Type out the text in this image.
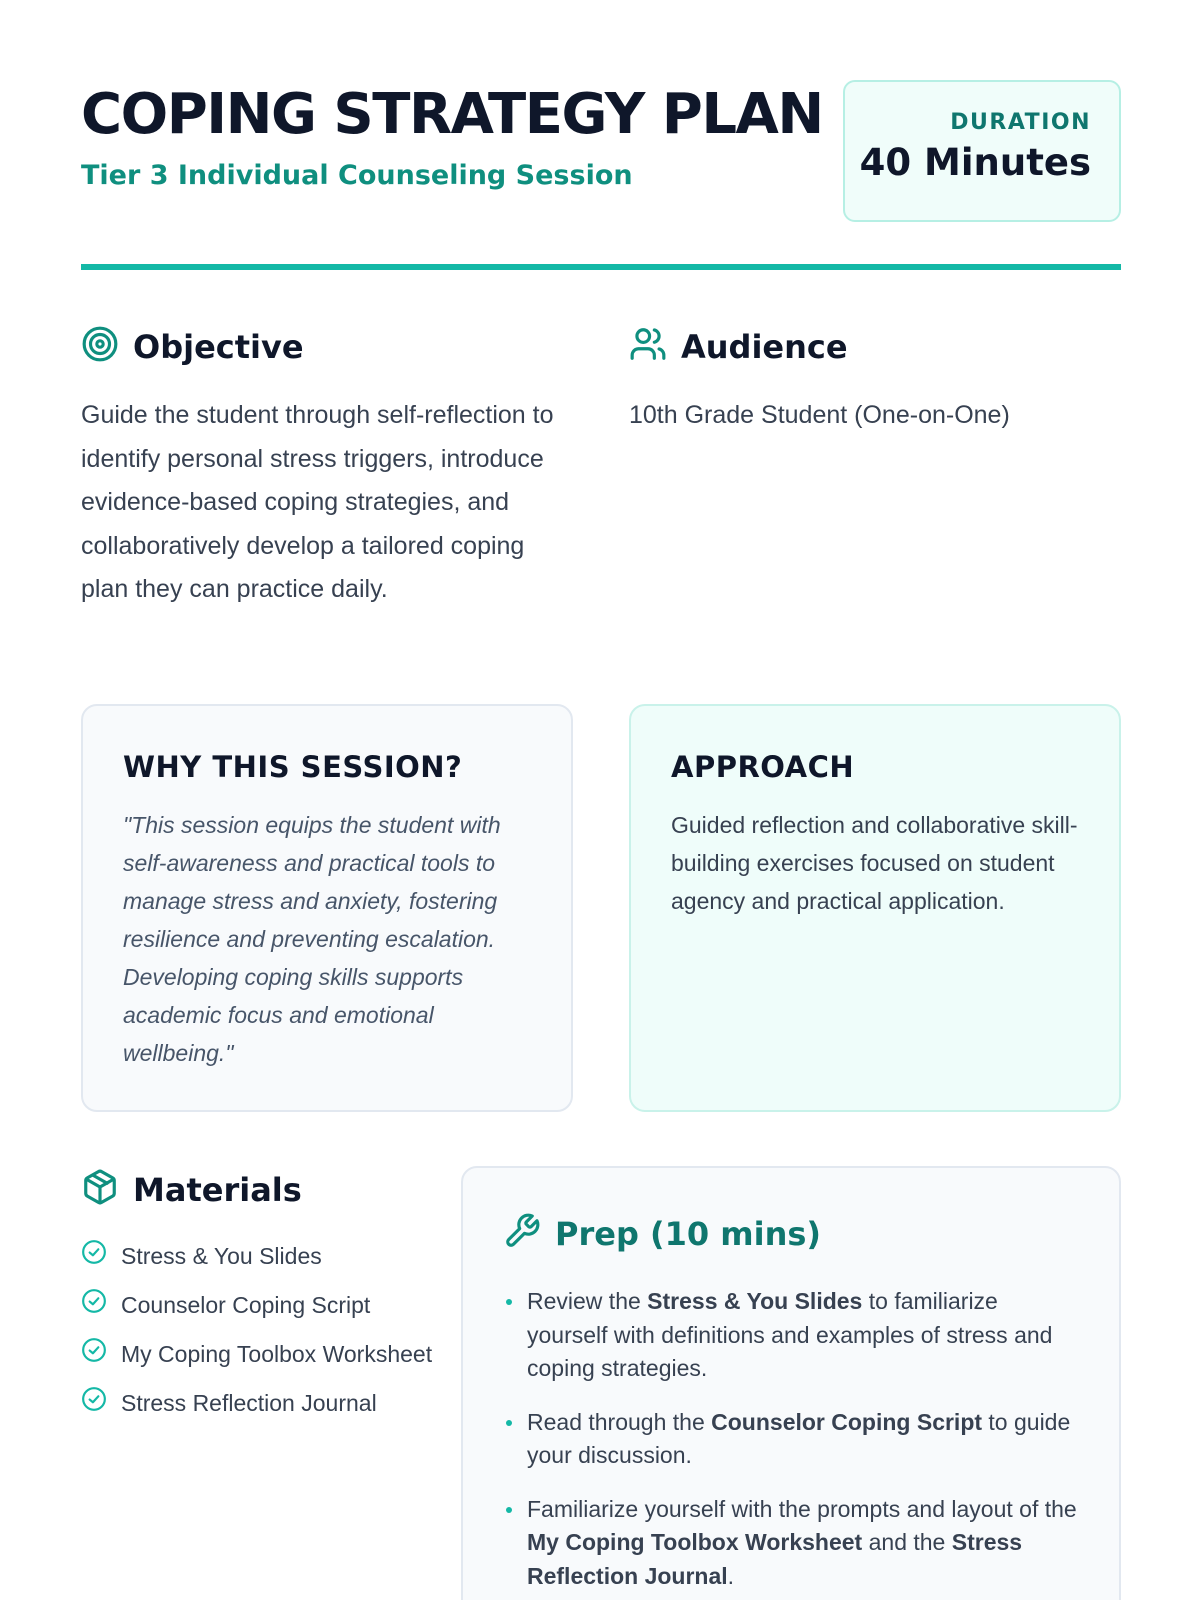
COPING STRATEGY PLAN
Tier 3 Individual Counseling Session
DURATION
40 Minutes
Objective

Guide the student through self-reflection to identify personal stress triggers, introduce evidence-based coping strategies, and collaboratively develop a tailored coping plan they can practice daily.

Audience

10th Grade Student (One-on-One)

WHY THIS SESSION?

"This session equips the student with self-awareness and practical tools to manage stress and anxiety, fostering resilience and preventing escalation. Developing coping skills supports academic focus and emotional wellbeing."

APPROACH

Guided reflection and collaborative skill-building exercises focused on student agency and practical application.

Materials
Stress & You Slides
Counselor Coping Script
My Coping Toolbox Worksheet
Stress Reflection Journal
Prep (10 mins)
Review the Stress & You Slides to familiarize yourself with definitions and examples of stress and coping strategies.
Read through the Counselor Coping Script to guide your discussion.
Familiarize yourself with the prompts and layout of the My Coping Toolbox Worksheet and the Stress Reflection Journal.
